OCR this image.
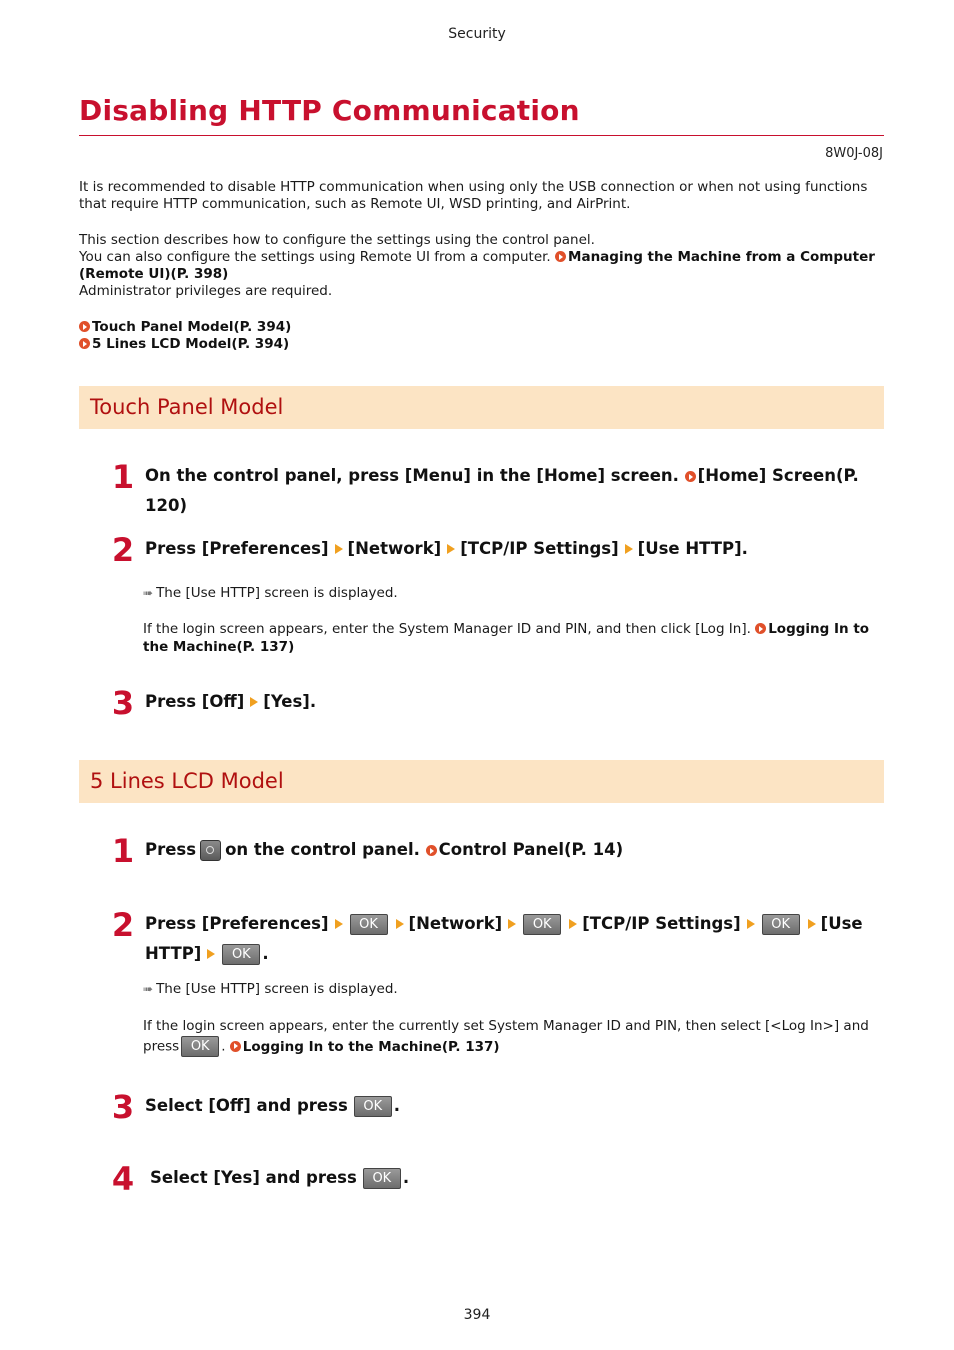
Security
Disabling HTTP Communication
8W0J-08J
It is recommended to disable HTTP communication when using only the USB connection or when not using functions that require HTTP communication, such as Remote UI, WSD printing, and AirPrint.
This section describes how to configure the settings using the control panel.
You can also configure the settings using Remote UI from a computer. Managing the Machine from a Computer (Remote UI)(P. 398)
Administrator privileges are required.
Touch Panel Model(P. 394)
5 Lines LCD Model(P. 394)
Touch Panel Model
1 On the control panel, press [Menu] in the [Home] screen. [Home] Screen(P. 120)
2 Press [Preferences] [Network] [TCP/IP Settings] [Use HTTP].
➠ The [Use HTTP] screen is displayed.
If the login screen appears, enter the System Manager ID and PIN, and then click [Log In]. Logging In to the Machine(P. 137)
3 Press [Off] [Yes].
5 Lines LCD Model
1 Press on the control panel. Control Panel(P. 14)
2 Press [Preferences] OK [Network] OK [TCP/IP Settings] OK [Use
HTTP] OK .
➠ The [Use HTTP] screen is displayed.
If the login screen appears, enter the currently set System Manager ID and PIN, then select [<Log In>] and
press OK . Logging In to the Machine(P. 137)
3 Select [Off] and press OK .
4 Select [Yes] and press OK .
394
